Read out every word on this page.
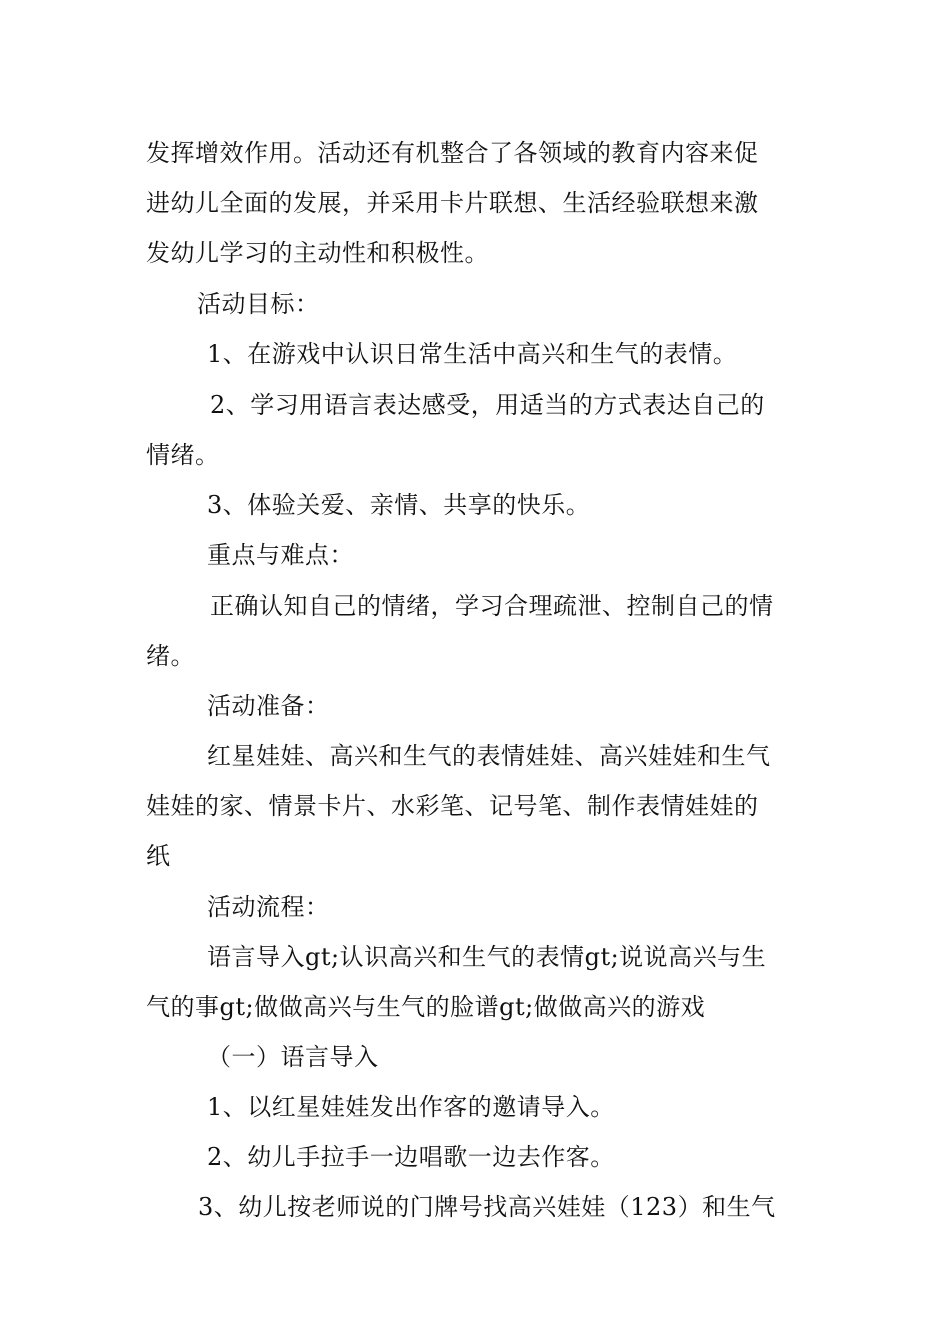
发挥增效作用。活动还有机整合了各领域的教育内容来促
进幼儿全面的发展，并采用卡片联想、生活经验联想来激
发幼儿学习的主动性和积极性。
活动目标：
1、在游戏中认识日常生活中高兴和生气的表情。
2、学习用语言表达感受，用适当的方式表达自己的
情绪。
3、体验关爱、亲情、共享的快乐。
重点与难点：
正确认知自己的情绪，学习合理疏泄、控制自己的情
绪。
活动准备：
红星娃娃、高兴和生气的表情娃娃、高兴娃娃和生气
娃娃的家、情景卡片、水彩笔、记号笔、制作表情娃娃的
纸
活动流程：
语言导入gt;认识高兴和生气的表情gt;说说高兴与生
气的事gt;做做高兴与生气的脸谱gt;做做高兴的游戏
（一）语言导入
1、以红星娃娃发出作客的邀请导入。
2、幼儿手拉手一边唱歌一边去作客。
3、幼儿按老师说的门牌号找高兴娃娃（123）和生气
